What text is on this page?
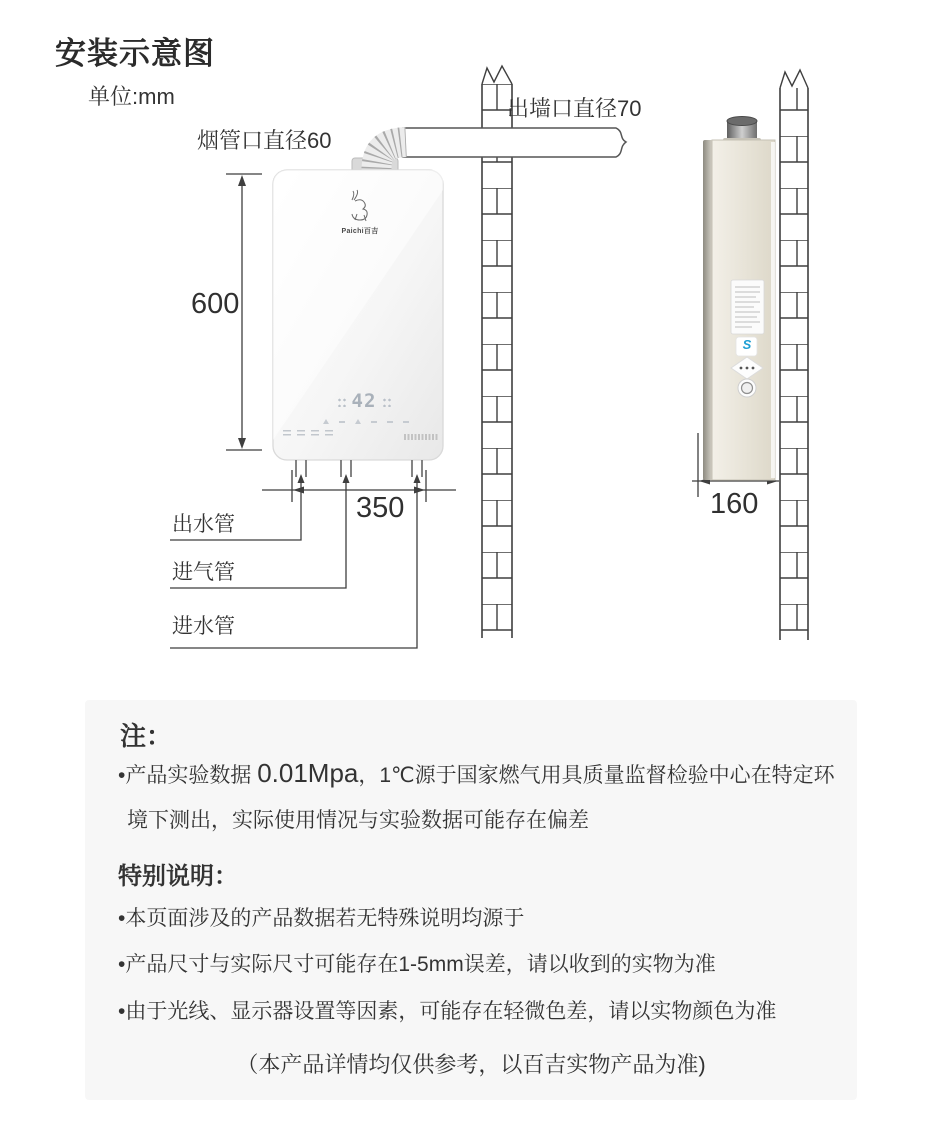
安装示意图
单位:mm
烟管口直径60
出墙口直径70
600
350	160
出水管
进气管
进水管
Paichi百吉
42
S
注：
•产品实验数据 0.01Mpa，1℃源于国家燃气用具质量监督检验中心在特定环
境下测出，实际使用情况与实验数据可能存在偏差
特别说明：
•本页面涉及的产品数据若无特殊说明均源于
•产品尺寸与实际尺寸可能存在1-5mm误差，请以收到的实物为准
•由于光线、显示器设置等因素，可能存在轻微色差，请以实物颜色为准
（本产品详情均仅供参考，以百吉实物产品为准)
